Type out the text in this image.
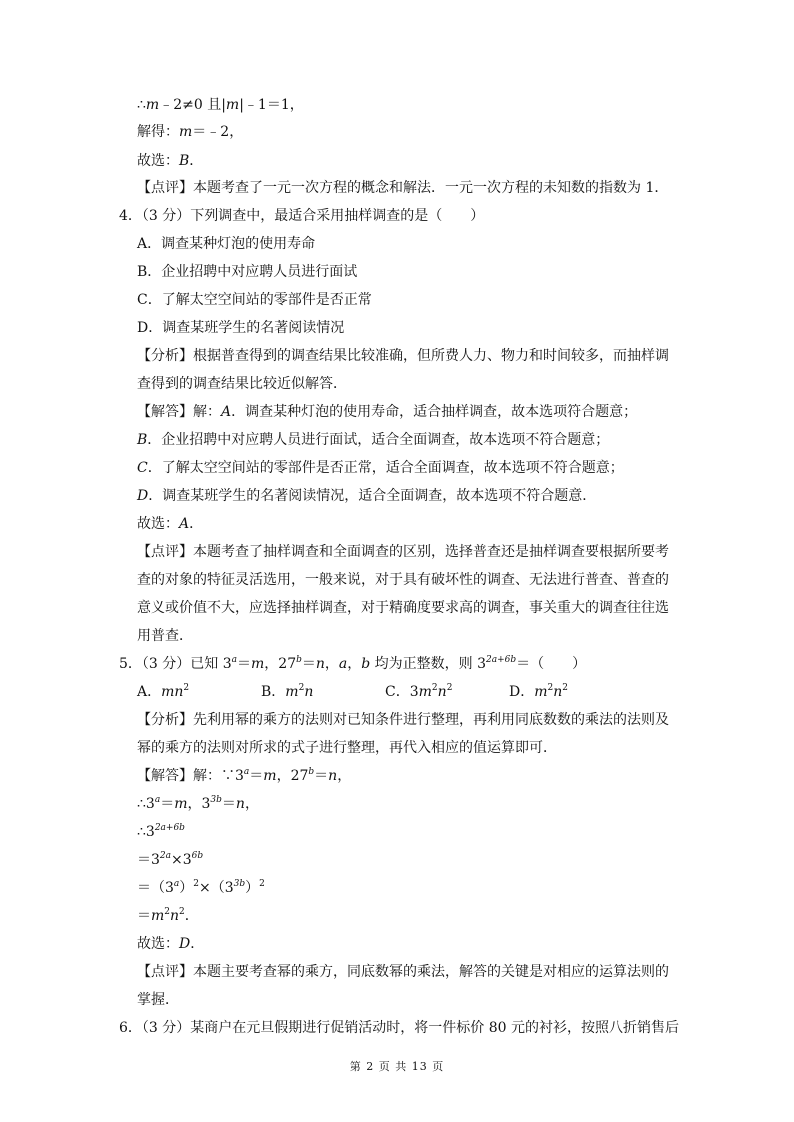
∴m﹣2≠0 且|m|﹣1＝1，
解得：m＝﹣2，
故选：B．
【点评】本题考查了一元一次方程的概念和解法．一元一次方程的未知数的指数为 1．
4．（3 分）下列调查中，最适合采用抽样调查的是（　　）
A．调查某种灯泡的使用寿命
B．企业招聘中对应聘人员进行面试
C．了解太空空间站的零部件是否正常
D．调查某班学生的名著阅读情况
【分析】根据普查得到的调查结果比较准确，但所费人力、物力和时间较多，而抽样调
查得到的调查结果比较近似解答．
【解答】解：A．调查某种灯泡的使用寿命，适合抽样调查，故本选项符合题意；
B．企业招聘中对应聘人员进行面试，适合全面调查，故本选项不符合题意；
C．了解太空空间站的零部件是否正常，适合全面调查，故本选项不符合题意；
D．调查某班学生的名著阅读情况，适合全面调查，故本选项不符合题意．
故选：A．
【点评】本题考查了抽样调查和全面调查的区别，选择普查还是抽样调查要根据所要考
查的对象的特征灵活选用，一般来说，对于具有破坏性的调查、无法进行普查、普查的
意义或价值不大，应选择抽样调查，对于精确度要求高的调查，事关重大的调查往往选
用普查．
5．（3 分）已知 $3^a=m$，$27^b=n$，a，b 均为正整数，则 $3^{2a+6b}=$（　　）
A．$mn^2$	B．$m^2n$	C．$3m^2n^2$	D．$m^2n^2$
【分析】先利用幂的乘方的法则对已知条件进行整理，再利用同底数数的乘法的法则及
幂的乘方的法则对所求的式子进行整理，再代入相应的值运算即可．
【解答】解：$\because 3^a=m$，$27^b=n$，
$\therefore 3^a=m$，$3^{3b}=n$，
$\therefore 3^{2a+6b}$
$=3^{2a}\times 3^{6b}$
$=(3^a)^2\times(3^{3b})^2$
$=m^2n^2$．
故选：D．
【点评】本题主要考查幂的乘方，同底数幂的乘法，解答的关键是对相应的运算法则的
掌握．
6．（3 分）某商户在元旦假期进行促销活动时，将一件标价 80 元的衬衫，按照八折销售后
第 2 页 共 13 页
